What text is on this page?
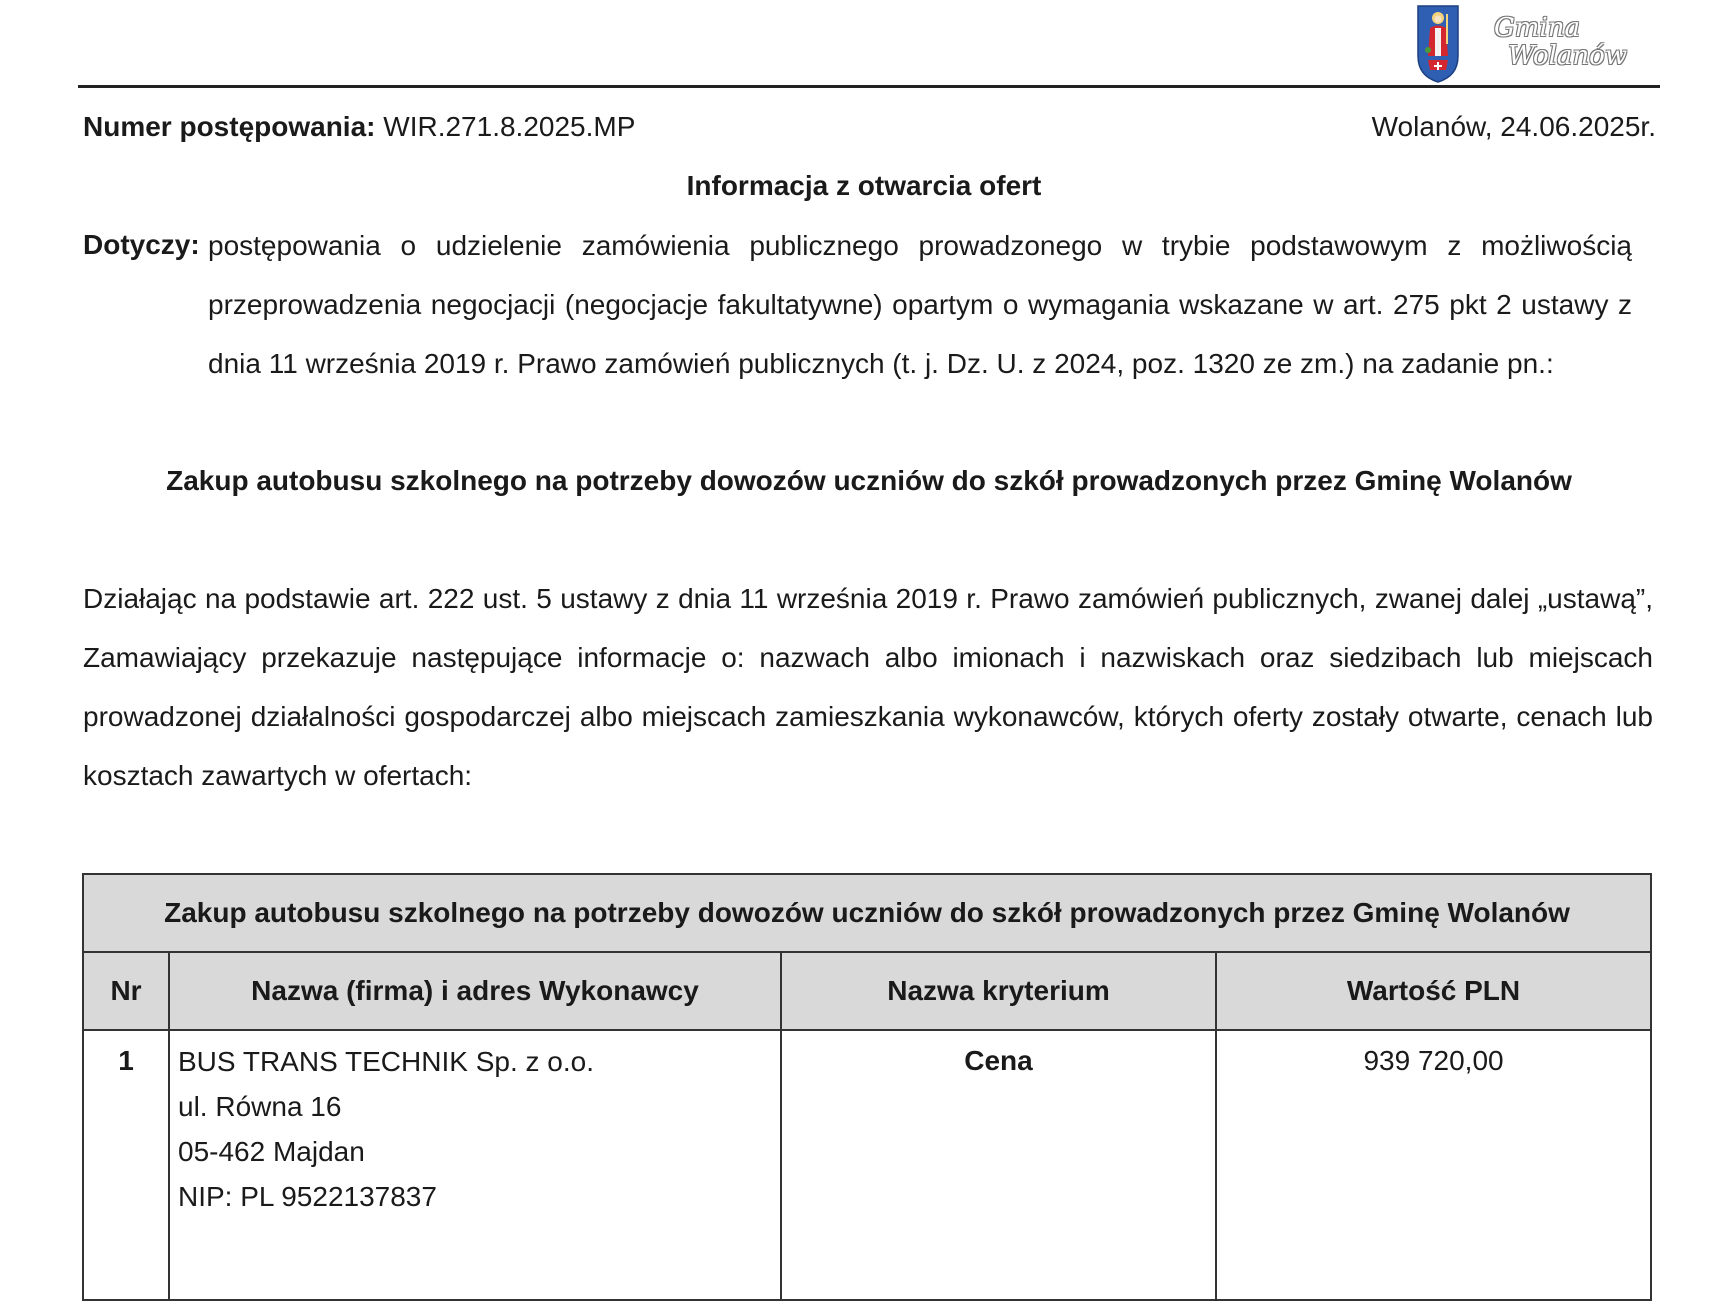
Gmina
Wolanów
Numer postępowania: WIR.271.8.2025.MP	Wolanów, 24.06.2025r.
Informacja z otwarcia ofert
Dotyczy: postępowania o udzielenie zamówienia publicznego prowadzonego w trybie podstawowym z możliwością przeprowadzenia negocjacji (negocjacje fakultatywne) opartym o wymagania wskazane w art. 275 pkt 2 ustawy z dnia 11 września 2019 r. Prawo zamówień publicznych (t. j. Dz. U. z 2024, poz. 1320 ze zm.) na zadanie pn.:
Zakup autobusu szkolnego na potrzeby dowozów uczniów do szkół prowadzonych przez Gminę Wolanów
Działając na podstawie art. 222 ust. 5 ustawy z dnia 11 września 2019 r. Prawo zamówień publicznych, zwanej dalej „ustawą”, Zamawiający przekazuje następujące informacje o: nazwach albo imionach i nazwiskach oraz siedzibach lub miejscach prowadzonej działalności gospodarczej albo miejscach zamieszkania wykonawców, których oferty zostały otwarte, cenach lub kosztach zawartych w ofertach:
Zakup autobusu szkolnego na potrzeby dowozów uczniów do szkół prowadzonych przez Gminę Wolanów			
Nr	Nazwa (firma) i adres Wykonawcy	Nazwa kryterium	Wartość PLN
1	BUS TRANS TECHNIK Sp. z o.o.
ul. Równa 16
05-462 Majdan
NIP: PL 9522137837	Cena	939 720,00
